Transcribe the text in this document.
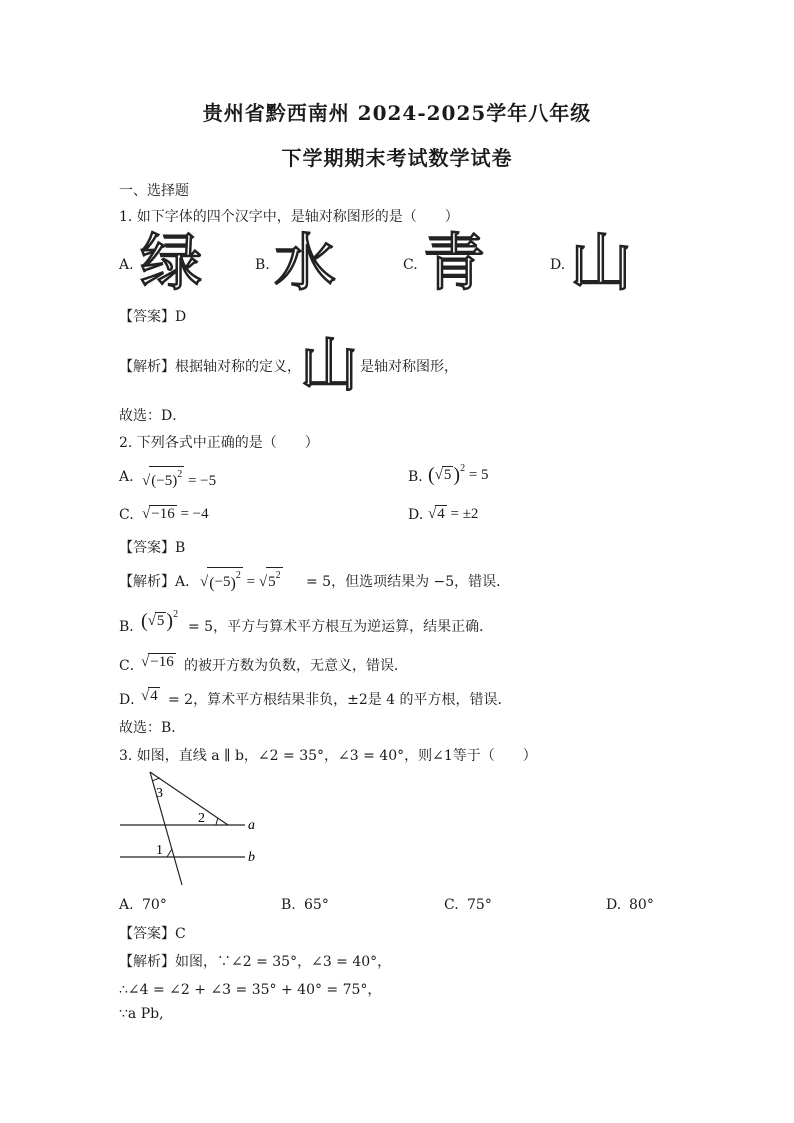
贵州省黔西南州 2024-2025学年八年级
下学期期末考试数学试卷
一、选择题
1. 如下字体的四个汉字中，是轴对称图形的是（　　）
A. 绿	B. 水	C. 青	D. 山
【答案】D
【解析】根据轴对称的定义， 山 是轴对称图形，
故选：D．
2. 下列各式中正确的是（　　）
A. $√(-5)^2 = -5$	B. (√5 )$^2$ = 5
C. √−16 = −4	D. √4 = ±2
【答案】B
【解析】A． $√(-5)^2 = √5^2 = 5$，但选项结果为 −5，错误．
B．
(√5 )$^2$
= 5，平方与算术平方根互为逆运算，结果正确．
C．
√−16 的被开方数为负数，无意义，错误．
D．
√4 = 2，算术平方根结果非负，±2是 4 的平方根，错误．
故选：B．
3. 如图，直线 a ∥ b，∠2 = 35°，∠3 = 40°，则∠1等于（　　）
3
2
1
a
b
A. 70°	B. 65°	C. 75°	D. 80°
【答案】C
【解析】如图，∵∠2 = 35°，∠3 = 40°，
∴∠4 = ∠2 + ∠3 = 35° + 40° = 75°，
∵a Pb,
